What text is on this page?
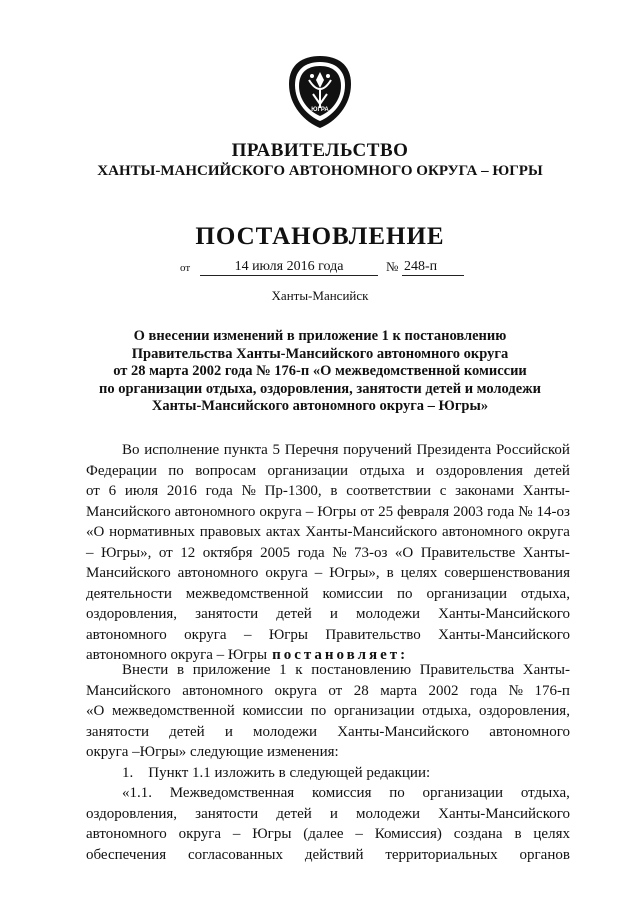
ЮГРА
ПРАВИТЕЛЬСТВО
ХАНТЫ-МАНСИЙСКОГО АВТОНОМНОГО ОКРУГА – ЮГРЫ
ПОСТАНОВЛЕНИЕ
от	14 июля 2016 года	№ 248-п
Ханты-Мансийск
О внесении изменений в приложение 1 к постановлению
Правительства Ханты-Мансийского автономного округа
от 28 марта 2002 года № 176-п «О межведомственной комиссии
по организации отдыха, оздоровления, занятости детей и молодежи
Ханты-Мансийского автономного округа – Югры»
Во исполнение пункта 5 Перечня поручений Президента Российской
Федерации по вопросам организации отдыха и оздоровления детей
от 6 июля 2016 года № Пр-1300, в соответствии с законами Ханты-
Мансийского автономного округа – Югры от 25 февраля 2003 года № 14-оз
«О нормативных правовых актах Ханты-Мансийского автономного округа
– Югры», от 12 октября 2005 года № 73-оз «О Правительстве Ханты-
Мансийского автономного округа – Югры», в целях совершенствования
деятельности межведомственной комиссии по организации отдыха,
оздоровления, занятости детей и молодежи Ханты-Мансийского
автономного округа – Югры Правительство Ханты-Мансийского
автономного округа – Югры постановляет:
Внести в приложение 1 к постановлению Правительства Ханты-
Мансийского автономного округа от 28 марта 2002 года № 176-п
«О межведомственной комиссии по организации отдыха, оздоровления,
занятости детей и молодежи Ханты-Мансийского автономного
округа –Югры» следующие изменения:
1.    Пункт 1.1 изложить в следующей редакции:
«1.1. Межведомственная комиссия по организации отдыха,
оздоровления, занятости детей и молодежи Ханты-Мансийского
автономного округа – Югры (далее – Комиссия) создана в целях
обеспечения согласованных действий территориальных органов
